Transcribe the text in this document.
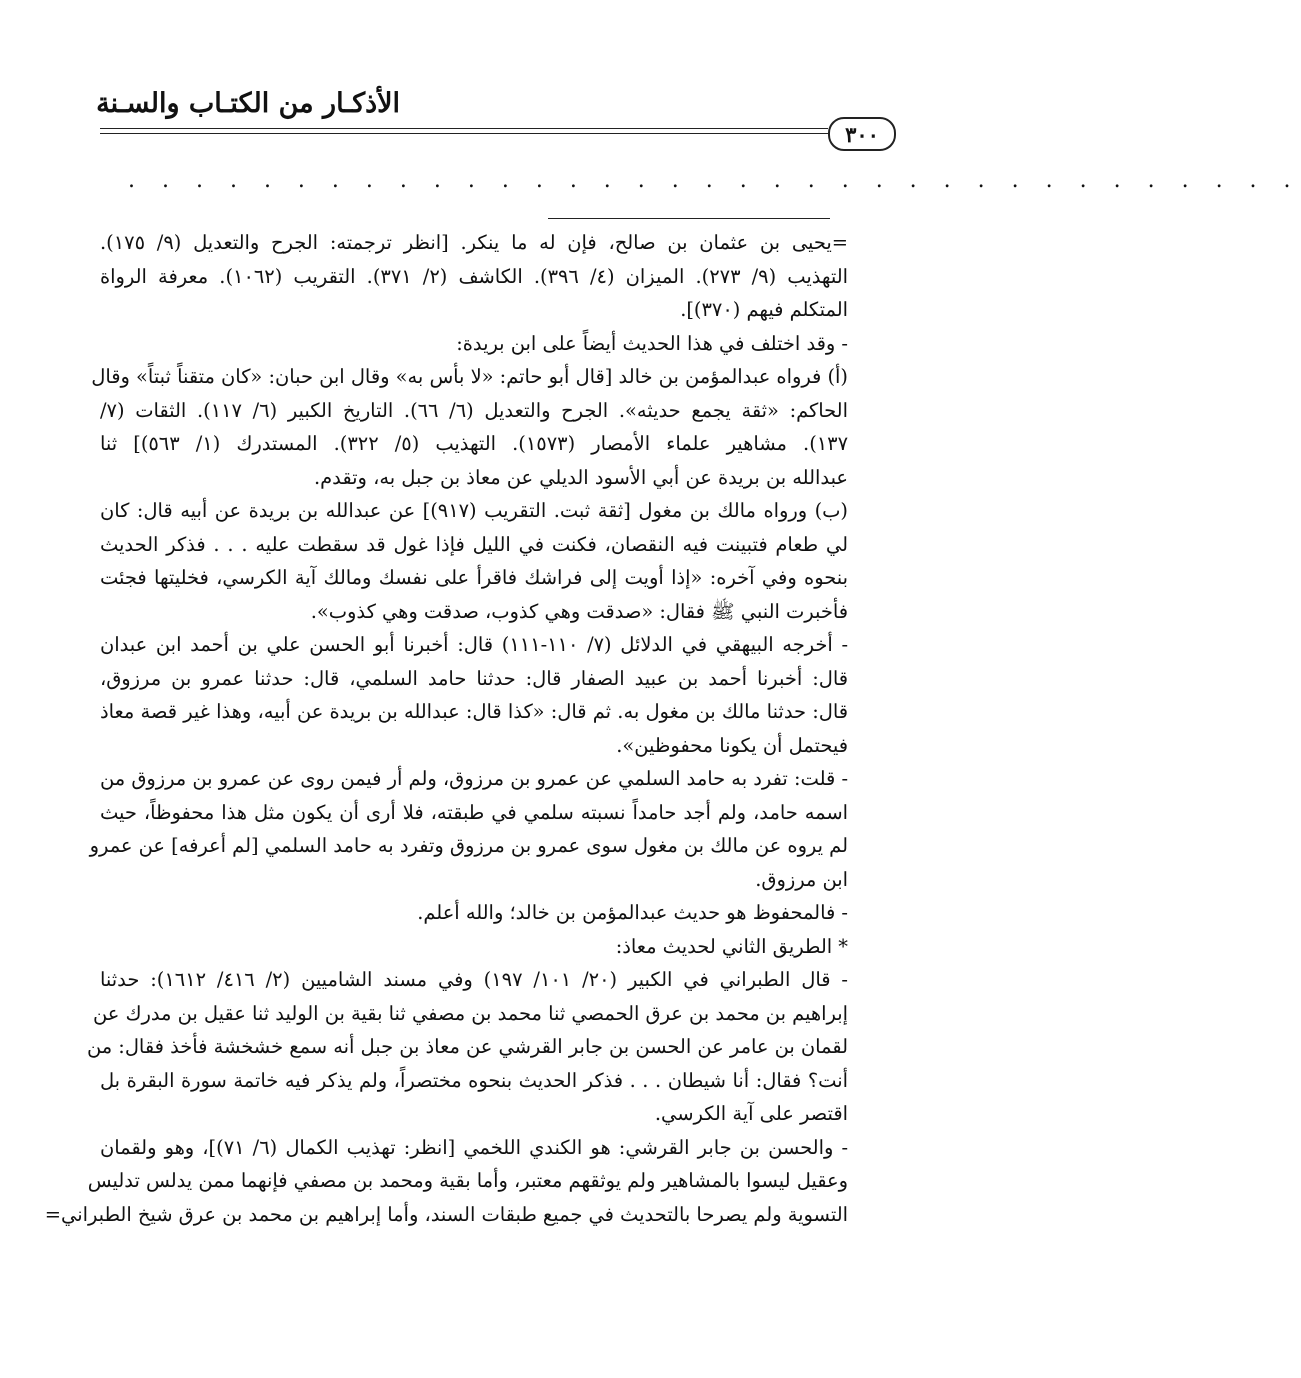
الأذكـار من الكتـاب والسـنة
٣٠٠
. . . . . . . . . . . . . . . . . . . . . . . . . . . . . . . . . . .
=يحيى بن عثمان بن صالح، فإن له ما ينكر. [انظر ترجمته: الجرح والتعديل (٩/ ١٧٥).
التهذيب (٩/ ٢٧٣). الميزان (٤/ ٣٩٦). الكاشف (٢/ ٣٧١). التقريب (١٠٦٢). معرفة الرواة
المتكلم فيهم (٣٧٠)].
- وقد اختلف في هذا الحديث أيضاً على ابن بريدة:
(أ) فرواه عبدالمؤمن بن خالد [قال أبو حاتم: «لا بأس به» وقال ابن حبان: «كان متقناً ثبتاً» وقال
الحاكم: «ثقة يجمع حديثه». الجرح والتعديل (٦/ ٦٦). التاريخ الكبير (٦/ ١١٧). الثقات (٧/
١٣٧). مشاهير علماء الأمصار (١٥٧٣). التهذيب (٥/ ٣٢٢). المستدرك (١/ ٥٦٣)] ثنا
عبدالله بن بريدة عن أبي الأسود الديلي عن معاذ بن جبل به، وتقدم.
(ب) ورواه مالك بن مغول [ثقة ثبت. التقريب (٩١٧)] عن عبدالله بن بريدة عن أبيه قال: كان
لي طعام فتبينت فيه النقصان، فكنت في الليل فإذا غول قد سقطت عليه . . . فذكر الحديث
بنحوه وفي آخره: «إذا أويت إلى فراشك فاقرأ على نفسك ومالك آية الكرسي، فخليتها فجئت
فأخبرت النبي ﷺ فقال: «صدقت وهي كذوب، صدقت وهي كذوب».
- أخرجه البيهقي في الدلائل (٧/ ١١٠-١١١) قال: أخبرنا أبو الحسن علي بن أحمد ابن عبدان
قال: أخبرنا أحمد بن عبيد الصفار قال: حدثنا حامد السلمي، قال: حدثنا عمرو بن مرزوق،
قال: حدثنا مالك بن مغول به. ثم قال: «كذا قال: عبدالله بن بريدة عن أبيه، وهذا غير قصة معاذ
فيحتمل أن يكونا محفوظين».
- قلت: تفرد به حامد السلمي عن عمرو بن مرزوق، ولم أر فيمن روى عن عمرو بن مرزوق من
اسمه حامد، ولم أجد حامداً نسبته سلمي في طبقته، فلا أرى أن يكون مثل هذا محفوظاً، حيث
لم يروه عن مالك بن مغول سوى عمرو بن مرزوق وتفرد به حامد السلمي [لم أعرفه] عن عمرو
ابن مرزوق.
- فالمحفوظ هو حديث عبدالمؤمن بن خالد؛ والله أعلم.
* الطريق الثاني لحديث معاذ:
- قال الطبراني في الكبير (٢٠/ ١٠١/ ١٩٧) وفي مسند الشاميين (٢/ ٤١٦/ ١٦١٢): حدثنا
إبراهيم بن محمد بن عرق الحمصي ثنا محمد بن مصفي ثنا بقية بن الوليد ثنا عقيل بن مدرك عن
لقمان بن عامر عن الحسن بن جابر القرشي عن معاذ بن جبل أنه سمع خشخشة فأخذ فقال: من
أنت؟ فقال: أنا شيطان . . . فذكر الحديث بنحوه مختصراً، ولم يذكر فيه خاتمة سورة البقرة بل
اقتصر على آية الكرسي.
- والحسن بن جابر القرشي: هو الكندي اللخمي [انظر: تهذيب الكمال (٦/ ٧١)]، وهو ولقمان
وعقيل ليسوا بالمشاهير ولم يوثقهم معتبر، وأما بقية ومحمد بن مصفي فإنهما ممن يدلس تدليس
التسوية ولم يصرحا بالتحديث في جميع طبقات السند، وأما إبراهيم بن محمد بن عرق شيخ الطبراني=
